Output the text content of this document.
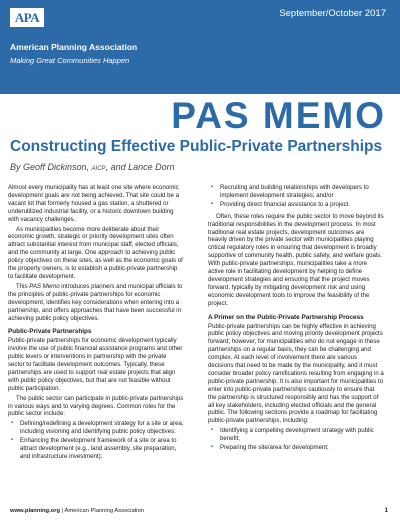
APA	September/October 2017
American Planning Association
Making Great Communities Happen
PAS MEMO
Constructing Effective Public-Private Partnerships
By Geoff Dickinson, AICP, and Lance Dorn

Almost every municipality has at least one site where economic development goals are not being achieved. That site could be a vacant lot that formerly housed a gas station, a shuttered or underutilized industrial facility, or a historic downtown building with vacancy challenges.

As municipalities become more deliberate about their economic growth, strategic or priority development sites often attract substantial interest from municipal staff, elected officials, and the community at large. One approach to achieving public policy objectives on these sites, as well as the economic goals of the property owners, is to establish a public-private partnership to facilitate development.

This PAS Memo introduces planners and municipal officials to the principles of public-private partnerships for economic development, identifies key considerations when entering into a partnership, and offers approaches that have been successful in achieving public policy objectives.

Public-Private Partnerships

Public-private partnerships for economic development typically involve the use of public financial assistance programs and other public levers or interventions in partnership with the private sector to facilitate development outcomes. Typically, these partnerships are used to support real estate projects that align with public policy objectives, but that are not feasible without public participation.

The public sector can participate in public-private partnerships in various ways and to varying degrees. Common roles for the public sector include:

▪ Defining/redefining a development strategy for a site or area, including visioning and identifying public policy objectives;
▪ Enhancing the development framework of a site or area to attract development (e.g., land assembly, site preparation, and infrastructure investment);
▪ Recruiting and building relationships with developers to implement development strategies; and/or
▪ Providing direct financial assistance to a project.

Often, these roles require the public sector to move beyond its traditional responsibilities in the development process. In most traditional real estate projects, development outcomes are heavily driven by the private sector with municipalities playing critical regulatory roles in ensuring that development is broadly supportive of community health, public safety, and welfare goals. With public-private partnerships, municipalities take a more active role in facilitating development by helping to define development strategies and ensuring that the project moves forward, typically by mitigating development risk and using economic development tools to improve the feasibility of the project.

A Primer on the Public-Private Partnership Process

Public-private partnerships can be highly effective in achieving public policy objectives and moving priority development projects forward; however, for municipalities who do not engage in these partnerships on a regular basis, they can be challenging and complex. At each level of involvement there are various decisions that need to be made by the municipality, and it must consider broader policy ramifications resulting from engaging in a public-private partnership. It is also important for municipalities to enter into public-private partnerships cautiously to ensure that the partnership is structured responsibly and has the support of all key stakeholders, including elected officials and the general public. The following sections provide a roadmap for facilitating public-private partnerships, including:

▪ Identifying a compelling development strategy with public benefit;
▪ Preparing the site/area for development;
www.planning.org | American Planning Association	1
